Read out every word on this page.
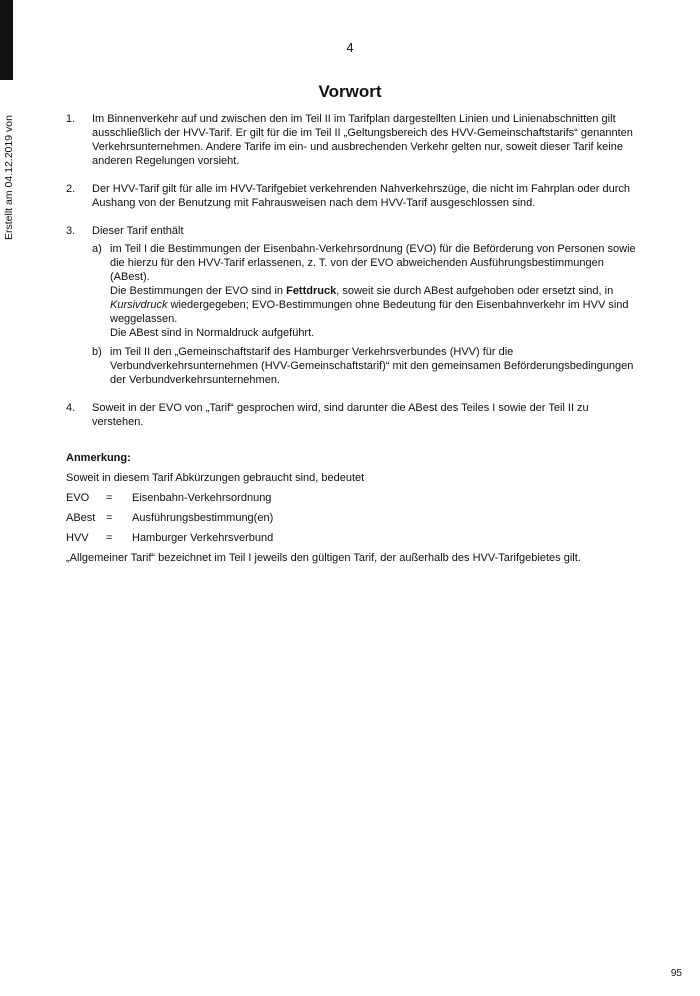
Erstellt am 04.12.2019 von
4
Vorwort
1. Im Binnenverkehr auf und zwischen den im Teil II im Tarifplan dargestellten Linien und Linienabschnitten gilt ausschließlich der HVV-Tarif. Er gilt für die im Teil II „Geltungsbereich des HVV-Gemeinschaftstarifs“ genannten Verkehrsunternehmen. Andere Tarife im ein- und ausbrechenden Verkehr gelten nur, soweit dieser Tarif keine anderen Regelungen vorsieht.
2. Der HVV-Tarif gilt für alle im HVV-Tarifgebiet verkehrenden Nahverkehrszüge, die nicht im Fahrplan oder durch Aushang von der Benutzung mit Fahrausweisen nach dem HVV-Tarif ausgeschlossen sind.
3. Dieser Tarif enthält
a) im Teil I die Bestimmungen der Eisenbahn-Verkehrsordnung (EVO) für die Beförderung von Personen sowie die hierzu für den HVV-Tarif erlassenen, z. T. von der EVO abweichenden Ausführungsbestimmungen (ABest).
Die Bestimmungen der EVO sind in Fettdruck, soweit sie durch ABest aufgehoben oder ersetzt sind, in Kursivdruck wiedergegeben; EVO-Bestimmungen ohne Bedeutung für den Eisenbahnverkehr im HVV sind weggelassen.
Die ABest sind in Normaldruck aufgeführt.
b) im Teil II den „Gemeinschaftstarif des Hamburger Verkehrsverbundes (HVV) für die Verbundverkehrsunternehmen (HVV-Gemeinschaftstarif)“ mit den gemeinsamen Beförderungsbedingungen der Verbundverkehrsunternehmen.
4. Soweit in der EVO von „Tarif“ gesprochen wird, sind darunter die ABest des Teiles I sowie der Teil II zu verstehen.
Anmerkung:
Soweit in diesem Tarif Abkürzungen gebraucht sind, bedeutet
EVO	=	Eisenbahn-Verkehrsordnung
ABest =	Ausführungsbestimmung(en)
HVV	=	Hamburger Verkehrsverbund
„Allgemeiner Tarif“ bezeichnet im Teil I jeweils den gültigen Tarif, der außerhalb des HVV-Tarifgebietes gilt.
95
